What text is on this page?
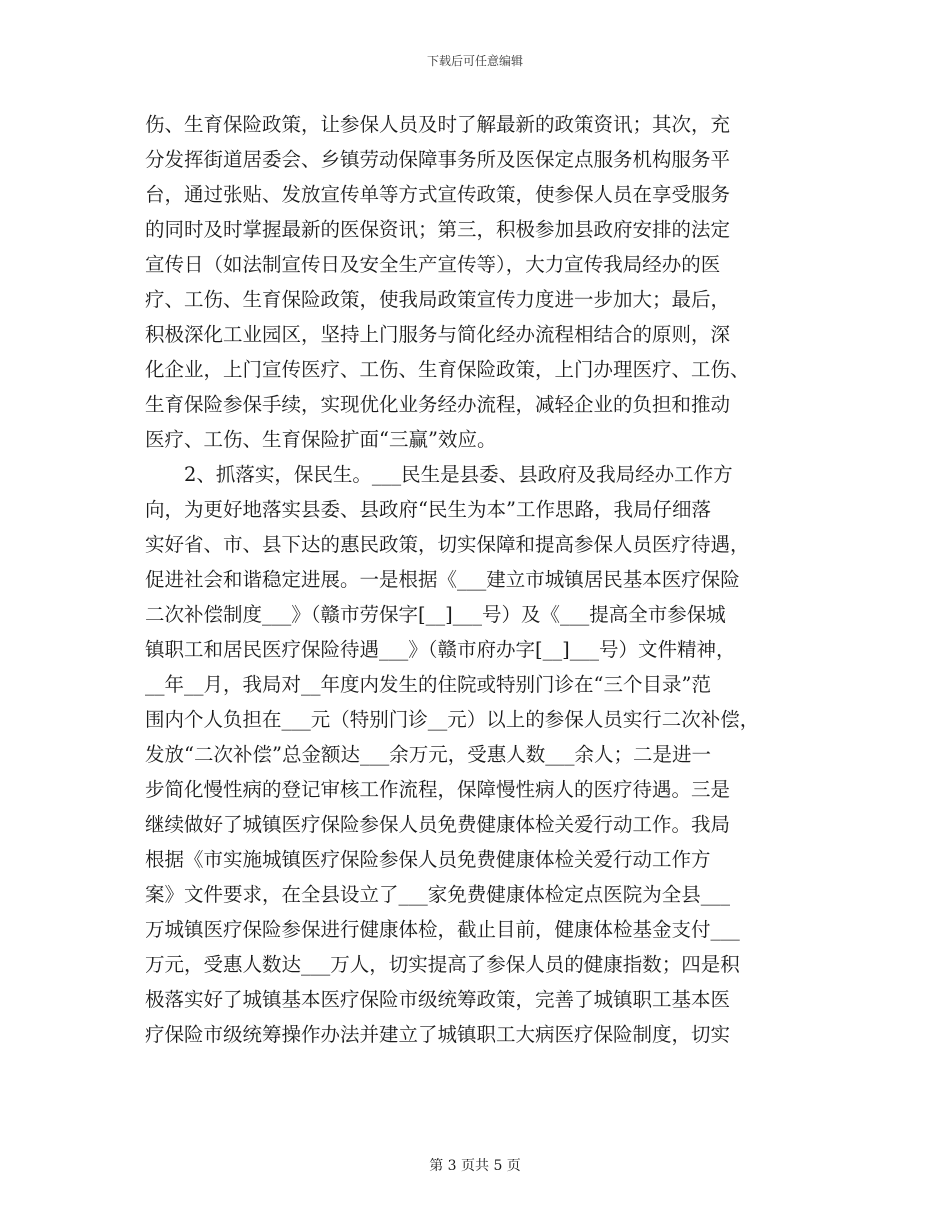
下载后可任意编辑
伤、生育保险政策，让参保人员及时了解最新的政策资讯；其次，充
分发挥街道居委会、乡镇劳动保障事务所及医保定点服务机构服务平
台，通过张贴、发放宣传单等方式宣传政策，使参保人员在享受服务
的同时及时掌握最新的医保资讯；第三，积极参加县政府安排的法定
宣传日（如法制宣传日及安全生产宣传等），大力宣传我局经办的医
疗、工伤、生育保险政策，使我局政策宣传力度进一步加大；最后，
积极深化工业园区，坚持上门服务与简化经办流程相结合的原则，深
化企业，上门宣传医疗、工伤、生育保险政策，上门办理医疗、工伤、
生育保险参保手续，实现优化业务经办流程，减轻企业的负担和推动
医疗、工伤、生育保险扩面“三赢”效应。
2、抓落实，保民生。___民生是县委、县政府及我局经办工作方
向，为更好地落实县委、县政府“民生为本”工作思路，我局仔细落
实好省、市、县下达的惠民政策，切实保障和提高参保人员医疗待遇，
促进社会和谐稳定进展。一是根据《___建立市城镇居民基本医疗保险
二次补偿制度___》（赣市劳保字[__]___号）及《___提高全市参保城
镇职工和居民医疗保险待遇___》（赣市府办字[__]___号）文件精神，
__年__月，我局对__年度内发生的住院或特别门诊在“三个目录”范
围内个人负担在___元（特别门诊__元）以上的参保人员实行二次补偿，
发放“二次补偿”总金额达___余万元，受惠人数___余人；二是进一
步简化慢性病的登记审核工作流程，保障慢性病人的医疗待遇。三是
继续做好了城镇医疗保险参保人员免费健康体检关爱行动工作。我局
根据《市实施城镇医疗保险参保人员免费健康体检关爱行动工作方
案》文件要求，在全县设立了___家免费健康体检定点医院为全县___
万城镇医疗保险参保进行健康体检，截止目前，健康体检基金支付___
万元，受惠人数达___万人，切实提高了参保人员的健康指数；四是积
极落实好了城镇基本医疗保险市级统筹政策，完善了城镇职工基本医
疗保险市级统筹操作办法并建立了城镇职工大病医疗保险制度，切实
第 3 页共 5 页
